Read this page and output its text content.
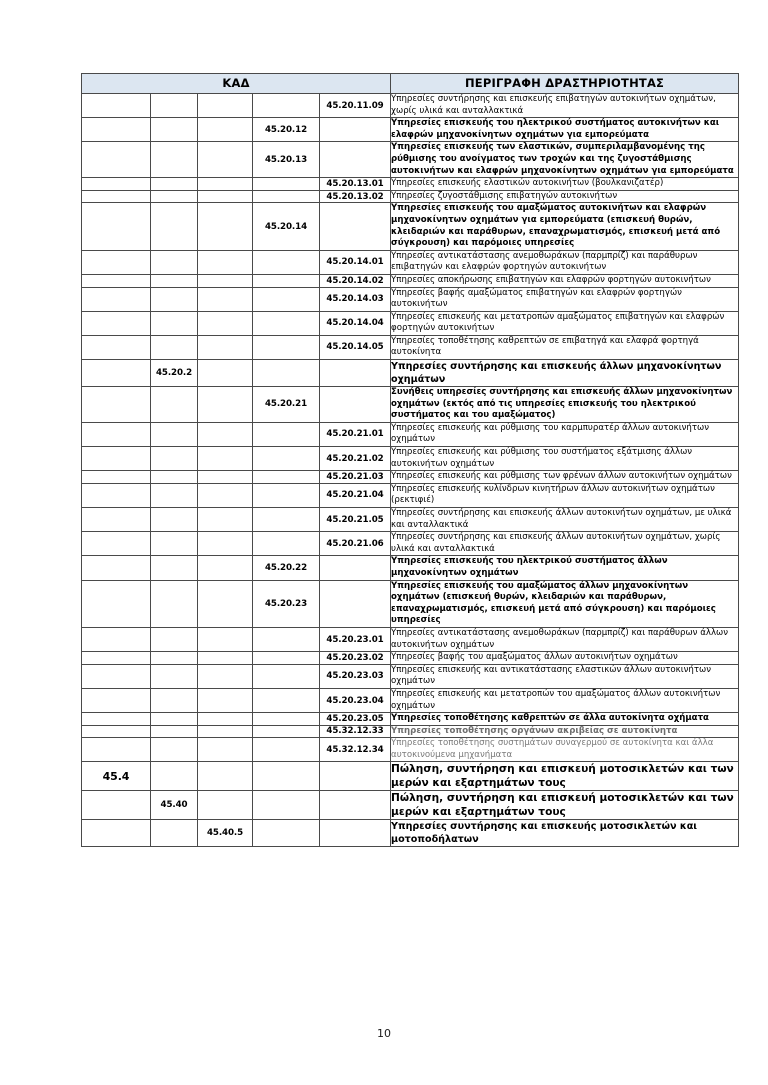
ΚΑΔ					ΠΕΡΙΓΡΑΦΗ ΔΡΑΣΤΗΡΙΟΤΗΤΑΣ
				45.20.11.09	Υπηρεσίες συντήρησης και επισκευής επιβατηγών αυτοκινήτων οχημάτων, χωρίς υλικά και ανταλλακτικά
			45.20.12		Υπηρεσίες επισκευής του ηλεκτρικού συστήματος αυτοκινήτων και ελαφρών μηχανοκίνητων οχημάτων για εμπορεύματα
			45.20.13		Υπηρεσίες επισκευής των ελαστικών, συμπεριλαμβανομένης της ρύθμισης του ανοίγματος των τροχών και της ζυγοστάθμισης αυτοκινήτων και ελαφρών μηχανοκίνητων οχημάτων για εμπορεύματα
				45.20.13.01	Υπηρεσίες επισκευής ελαστικών αυτοκινήτων (βουλκανιζατέρ)
				45.20.13.02	Υπηρεσίες ζυγοστάθμισης επιβατηγών αυτοκινήτων
			45.20.14		Υπηρεσίες επισκευής του αμαξώματος αυτοκινήτων και ελαφρών μηχανοκίνητων οχημάτων για εμπορεύματα (επισκευή θυρών, κλειδαριών και παράθυρων, επαναχρωματισμός, επισκευή μετά από σύγκρουση) και παρόμοιες υπηρεσίες
				45.20.14.01	Υπηρεσίες αντικατάστασης ανεμοθωράκων (παρμπρίζ) και παράθυρων επιβατηγών και ελαφρών φορτηγών αυτοκινήτων
				45.20.14.02	Υπηρεσίες αποκήρωσης επιβατηγών και ελαφρών φορτηγών αυτοκινήτων
				45.20.14.03	Υπηρεσίες βαφής αμαξώματος επιβατηγών και ελαφρών φορτηγών αυτοκινήτων
				45.20.14.04	Υπηρεσίες επισκευής και μετατροπών αμαξώματος επιβατηγών και ελαφρών φορτηγών αυτοκινήτων
				45.20.14.05	Υπηρεσίες τοποθέτησης καθρεπτών σε επιβατηγά και ελαφρά φορτηγά αυτοκίνητα
	45.20.2				Υπηρεσίες συντήρησης και επισκευής άλλων μηχανοκίνητων οχημάτων
			45.20.21		Συνήθεις υπηρεσίες συντήρησης και επισκευής άλλων μηχανοκίνητων οχημάτων (εκτός από τις υπηρεσίες επισκευής του ηλεκτρικού συστήματος και του αμαξώματος)
				45.20.21.01	Υπηρεσίες επισκευής και ρύθμισης του καρμπυρατέρ άλλων αυτοκινήτων οχημάτων
				45.20.21.02	Υπηρεσίες επισκευής και ρύθμισης του συστήματος εξάτμισης άλλων αυτοκινήτων οχημάτων
				45.20.21.03	Υπηρεσίες επισκευής και ρύθμισης των φρένων άλλων αυτοκινήτων οχημάτων
				45.20.21.04	Υπηρεσίες επισκευής κυλίνδρων κινητήρων άλλων αυτοκινήτων οχημάτων (ρεκτιφιέ)
				45.20.21.05	Υπηρεσίες συντήρησης και επισκευής άλλων αυτοκινήτων οχημάτων, με υλικά και ανταλλακτικά
				45.20.21.06	Υπηρεσίες συντήρησης και επισκευής άλλων αυτοκινήτων οχημάτων, χωρίς υλικά και ανταλλακτικά
			45.20.22		Υπηρεσίες επισκευής του ηλεκτρικού συστήματος άλλων μηχανοκίνητων οχημάτων
			45.20.23		Υπηρεσίες επισκευής του αμαξώματος άλλων μηχανοκίνητων οχημάτων (επισκευή θυρών, κλειδαριών και παράθυρων, επαναχρωματισμός, επισκευή μετά από σύγκρουση) και παρόμοιες υπηρεσίες
				45.20.23.01	Υπηρεσίες αντικατάστασης ανεμοθωράκων (παρμπρίζ) και παράθυρων άλλων αυτοκινήτων οχημάτων
				45.20.23.02	Υπηρεσίες βαφής του αμαξώματος άλλων αυτοκινήτων οχημάτων
				45.20.23.03	Υπηρεσίες επισκευής και αντικατάστασης ελαστικών άλλων αυτοκινήτων οχημάτων
				45.20.23.04	Υπηρεσίες επισκευής και μετατροπών του αμαξώματος άλλων αυτοκινήτων οχημάτων
				45.20.23.05	Υπηρεσίες τοποθέτησης καθρεπτών σε άλλα αυτοκίνητα οχήματα
				45.32.12.33	Υπηρεσίες τοποθέτησης οργάνων ακριβείας σε αυτοκίνητα
				45.32.12.34	Υπηρεσίες τοποθέτησης συστημάτων συναγερμού σε αυτοκίνητα και άλλα αυτοκινούμενα μηχανήματα
45.4					Πώληση, συντήρηση και επισκευή μοτοσικλετών και των μερών και εξαρτημάτων τους
	45.40				Πώληση, συντήρηση και επισκευή μοτοσικλετών και των μερών και εξαρτημάτων τους
		45.40.5			Υπηρεσίες συντήρησης και επισκευής μοτοσικλετών και μοτοποδήλατων
10
